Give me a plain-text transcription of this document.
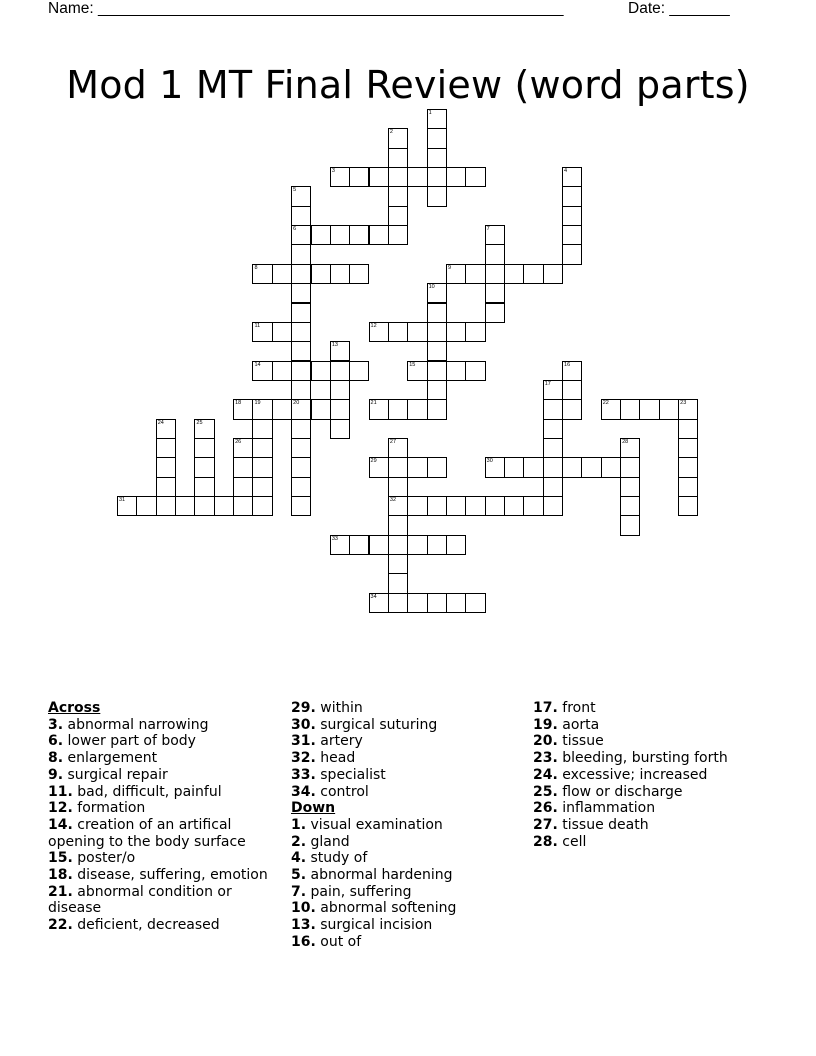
Name: ______________________________________________________	Date: _______
Mod 1 MT Final Review (word parts)
1
2
3	4
5
6
20
7
8	9
10
11	12
13
14	15	16
17
18 19	21	22	23
24	25
26	27
32
28
29	30
31
33
34

Across

3. abnormal narrowing

6. lower part of body

8. enlargement

9. surgical repair

11. bad, difficult, painful

12. formation

14. creation of an artifical opening to the body surface

15. poster/o

18. disease, suffering, emotion

21. abnormal condition or disease

22. deficient, decreased

29. within

30. surgical suturing

31. artery

32. head

33. specialist

34. control

Down

1. visual examination

2. gland

4. study of

5. abnormal hardening

7. pain, suffering

10. abnormal softening

13. surgical incision

16. out of

17. front

19. aorta

20. tissue

23. bleeding, bursting forth

24. excessive; increased

25. flow or discharge

26. inflammation

27. tissue death

28. cell
